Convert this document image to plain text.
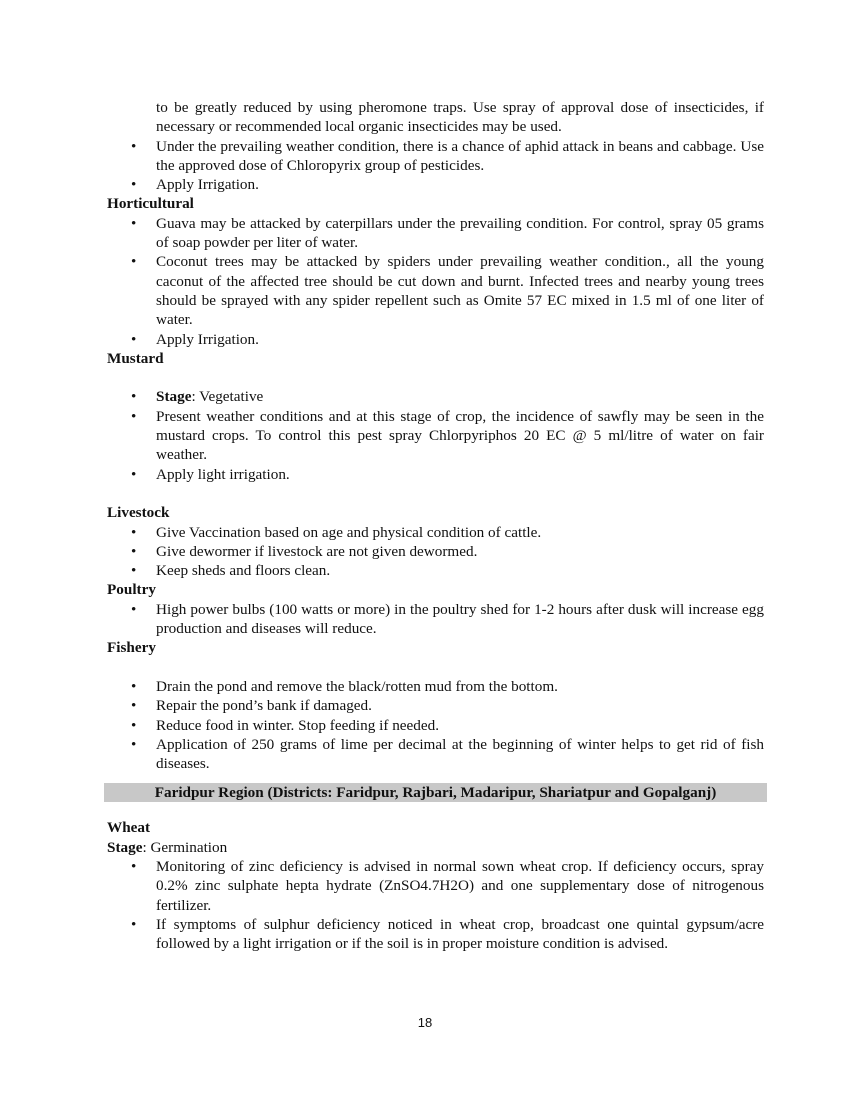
to be greatly reduced by using pheromone traps. Use spray of approval dose of insecticides, if necessary or recommended local organic insecticides may be used.
• Under the prevailing weather condition, there is a chance of aphid attack in beans and cabbage. Use the approved dose of Chloropyrix group of pesticides.
• Apply Irrigation.
Horticultural
• Guava may be attacked by caterpillars under the prevailing condition. For control, spray 05 grams of soap powder per liter of water.
• Coconut trees may be attacked by spiders under prevailing weather condition., all the young caconut of the affected tree should be cut down and burnt. Infected trees and nearby young trees should be sprayed with any spider repellent such as Omite 57 EC mixed in 1.5 ml of one liter of water.
• Apply Irrigation.
Mustard
• Stage: Vegetative
• Present weather conditions and at this stage of crop, the incidence of sawfly may be seen in the mustard crops. To control this pest spray Chlorpyriphos 20 EC @ 5 ml/litre of water on fair weather.
• Apply light irrigation.
Livestock
• Give Vaccination based on age and physical condition of cattle.
• Give dewormer if livestock are not given dewormed.
• Keep sheds and floors clean.
Poultry
• High power bulbs (100 watts or more) in the poultry shed for 1-2 hours after dusk will increase egg production and diseases will reduce.
Fishery
• Drain the pond and remove the black/rotten mud from the bottom.
• Repair the pond’s bank if damaged.
• Reduce food in winter. Stop feeding if needed.
• Application of 250 grams of lime per decimal at the beginning of winter helps to get rid of fish diseases.
Faridpur Region (Districts: Faridpur, Rajbari, Madaripur, Shariatpur and Gopalganj)
Wheat
Stage: Germination
• Monitoring of zinc deficiency is advised in normal sown wheat crop. If deficiency occurs, spray 0.2% zinc sulphate hepta hydrate (ZnSO4.7H2O) and one supplementary dose of nitrogenous fertilizer.
• If symptoms of sulphur deficiency noticed in wheat crop, broadcast one quintal gypsum/acre followed by a light irrigation or if the soil is in proper moisture condition is advised.
18
